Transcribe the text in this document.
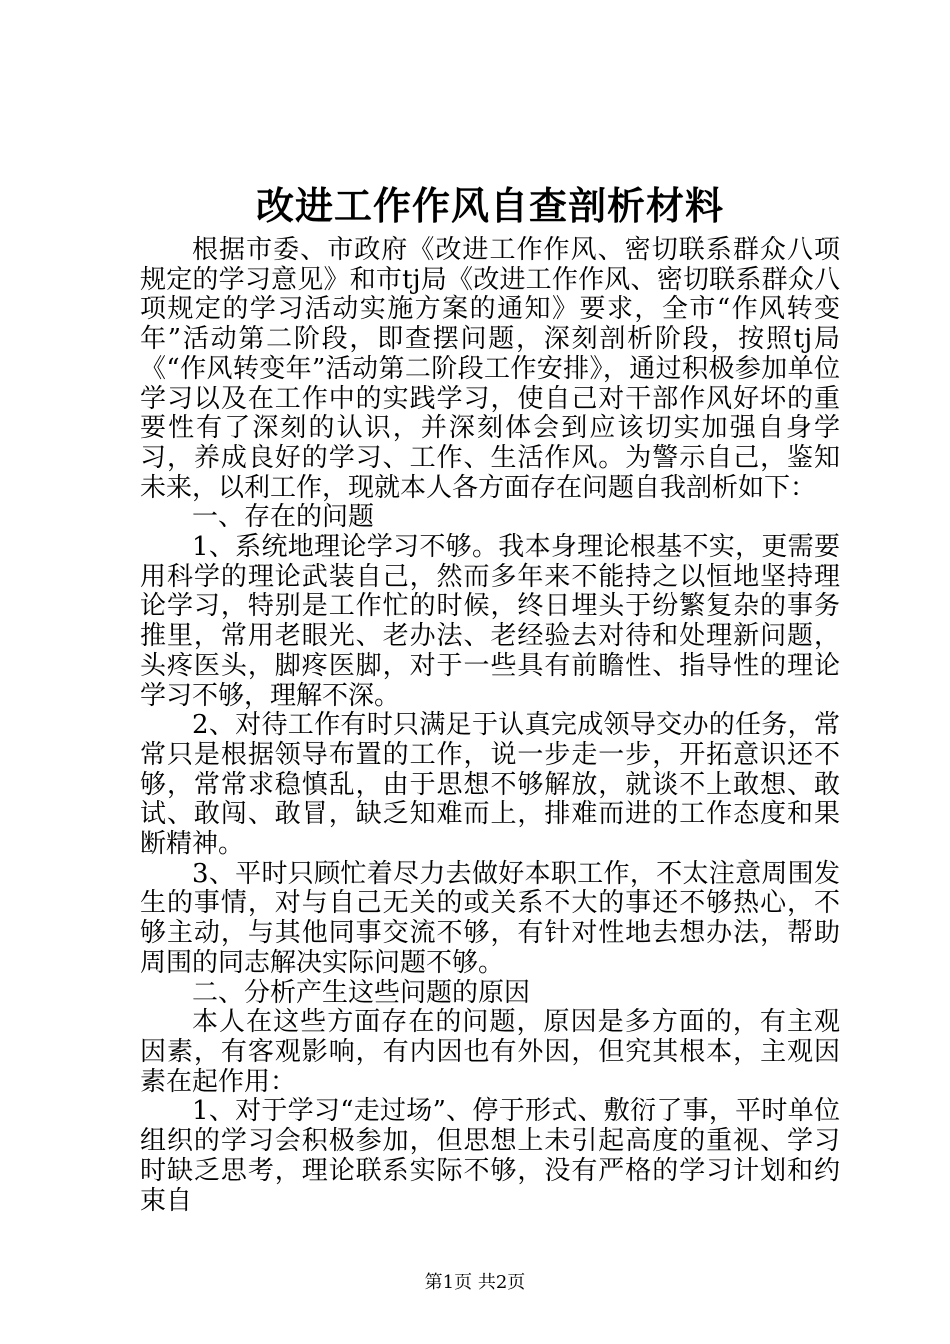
改进工作作风自查剖析材料

根据市委、市政府《改进工作作风、密切联系群众八项规定的学习意见》和市tj局《改进工作作风、密切联系群众八项规定的学习活动实施方案的通知》要求，全市“作风转变年”活动第二阶段，即查摆问题，深刻剖析阶段，按照tj局《“作风转变年”活动第二阶段工作安排》，通过积极参加单位学习以及在工作中的实践学习，使自己对干部作风好坏的重要性有了深刻的认识，并深刻体会到应该切实加强自身学习，养成良好的学习、工作、生活作风。为警示自己，鉴知未来，以利工作，现就本人各方面存在问题自我剖析如下：

一、存在的问题

1、系统地理论学习不够。我本身理论根基不实，更需要用科学的理论武装自己，然而多年来不能持之以恒地坚持理论学习，特别是工作忙的时候，终日埋头于纷繁复杂的事务推里，常用老眼光、老办法、老经验去对待和处理新问题，头疼医头，脚疼医脚，对于一些具有前瞻性、指导性的理论学习不够，理解不深。

2、对待工作有时只满足于认真完成领导交办的任务，常常只是根据领导布置的工作，说一步走一步，开拓意识还不够，常常求稳慎乱，由于思想不够解放，就谈不上敢想、敢试、敢闯、敢冒，缺乏知难而上，排难而进的工作态度和果断精神。

3、平时只顾忙着尽力去做好本职工作，不太注意周围发生的事情，对与自己无关的或关系不大的事还不够热心，不够主动，与其他同事交流不够，有针对性地去想办法，帮助周围的同志解决实际问题不够。

二、分析产生这些问题的原因

本人在这些方面存在的问题，原因是多方面的，有主观因素，有客观影响，有内因也有外因，但究其根本，主观因素在起作用：

1、对于学习“走过场”、停于形式、敷衍了事，平时单位组织的学习会积极参加，但思想上未引起高度的重视、学习时缺乏思考，理论联系实际不够，没有严格的学习计划和约束自

第1页 共2页
